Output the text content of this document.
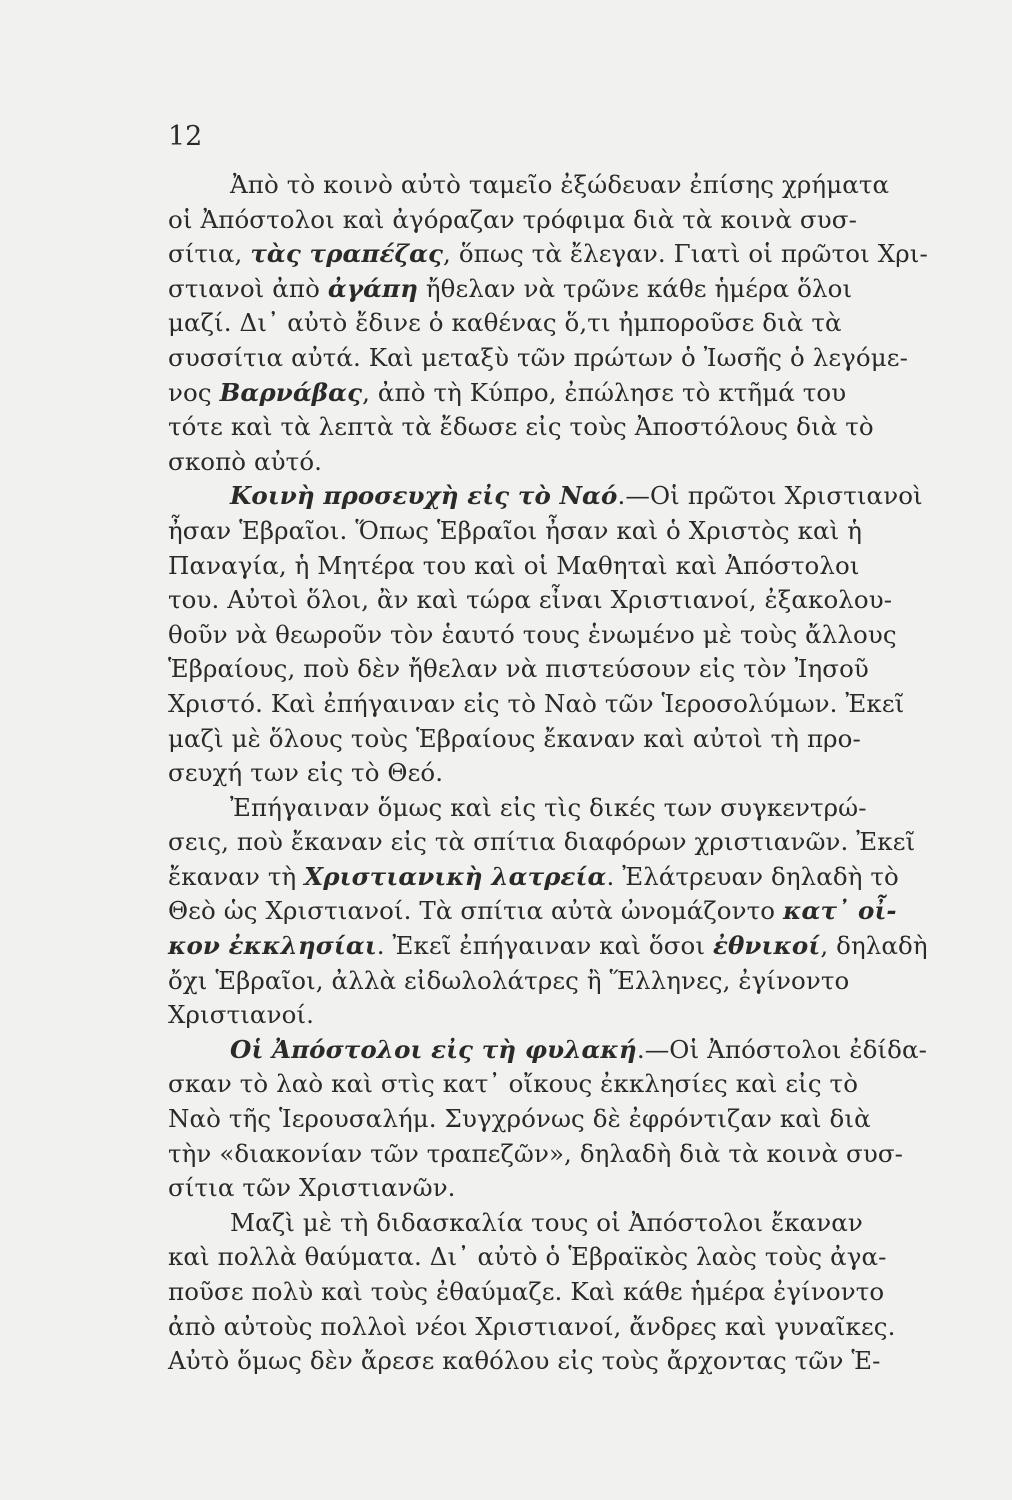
12
Ἀπὸ τὸ κοινὸ αὐτὸ ταμεῖο ἐξώδευαν ἐπίσης χρήματα
οἱ Ἀπόστολοι καὶ ἀγόραζαν τρόφιμα διὰ τὰ κοινὰ συσ-
σίτια, τὰς τραπέζας, ὅπως τὰ ἔλεγαν. Γιατὶ οἱ πρῶτοι Χρι-
στιανοὶ ἀπὸ ἀγάπη ἤθελαν νὰ τρῶνε κάθε ἡμέρα ὅλοι
μαζί. Δι᾽ αὐτὸ ἔδινε ὁ καθένας ὅ,τι ἠμποροῦσε διὰ τὰ
συσσίτια αὐτά. Καὶ μεταξὺ τῶν πρώτων ὁ Ἰωσῆς ὁ λεγόμε-
νος Βαρνάβας, ἀπὸ τὴ Κύπρο, ἐπώλησε τὸ κτῆμά του
τότε καὶ τὰ λεπτὰ τὰ ἔδωσε εἰς τοὺς Ἀποστόλους διὰ τὸ
σκοπὸ αὐτό.
Κοινὴ προσευχὴ εἰς τὸ Ναό.—Οἱ πρῶτοι Χριστιανοὶ
ἦσαν Ἑβραῖοι. Ὅπως Ἑβραῖοι ἦσαν καὶ ὁ Χριστὸς καὶ ἡ
Παναγία, ἡ Μητέρα του καὶ οἱ Μαθηταὶ καὶ Ἀπόστολοι
του. Αὐτοὶ ὅλοι, ἂν καὶ τώρα εἶναι Χριστιανοί, ἐξακολου-
θοῦν νὰ θεωροῦν τὸν ἑαυτό τους ἑνωμένο μὲ τοὺς ἄλλους
Ἑβραίους, ποὺ δὲν ἤθελαν νὰ πιστεύσουν εἰς τὸν Ἰησοῦ
Χριστό. Καὶ ἐπήγαιναν εἰς τὸ Ναὸ τῶν Ἱεροσολύμων. Ἐκεῖ
μαζὶ μὲ ὅλους τοὺς Ἑβραίους ἔκαναν καὶ αὐτοὶ τὴ προ-
σευχή των εἰς τὸ Θεό.
Ἐπήγαιναν ὅμως καὶ εἰς τὶς δικές των συγκεντρώ-
σεις, ποὺ ἔκαναν εἰς τὰ σπίτια διαφόρων χριστιανῶν. Ἐκεῖ
ἔκαναν τὴ Χριστιανικὴ λατρεία. Ἐλάτρευαν δηλαδὴ τὸ
Θεὸ ὡς Χριστιανοί. Τὰ σπίτια αὐτὰ ὠνομάζοντο κατ᾽ οἶ-
κον ἐκκλησίαι. Ἐκεῖ ἐπήγαιναν καὶ ὅσοι ἐθνικοί, δηλαδὴ
ὄχι Ἑβραῖοι, ἀλλὰ εἰδωλολάτρες ἢ Ἕλληνες, ἐγίνοντο
Χριστιανοί.
Οἱ Ἀπόστολοι εἰς τὴ φυλακή.—Οἱ Ἀπόστολοι ἐδίδα-
σκαν τὸ λαὸ καὶ στὶς κατ᾽ οἴκους ἐκκλησίες καὶ εἰς τὸ
Ναὸ τῆς Ἱερουσαλήμ. Συγχρόνως δὲ ἐφρόντιζαν καὶ διὰ
τὴν «διακονίαν τῶν τραπεζῶν», δηλαδὴ διὰ τὰ κοινὰ συσ-
σίτια τῶν Χριστιανῶν.
Μαζὶ μὲ τὴ διδασκαλία τους οἱ Ἀπόστολοι ἔκαναν
καὶ πολλὰ θαύματα. Δι᾽ αὐτὸ ὁ Ἑβραϊκὸς λαὸς τοὺς ἀγα-
ποῦσε πολὺ καὶ τοὺς ἐθαύμαζε. Καὶ κάθε ἡμέρα ἐγίνοντο
ἀπὸ αὐτοὺς πολλοὶ νέοι Χριστιανοί, ἄνδρες καὶ γυναῖκες.
Αὐτὸ ὅμως δὲν ἄρεσε καθόλου εἰς τοὺς ἄρχοντας τῶν Ἑ-
